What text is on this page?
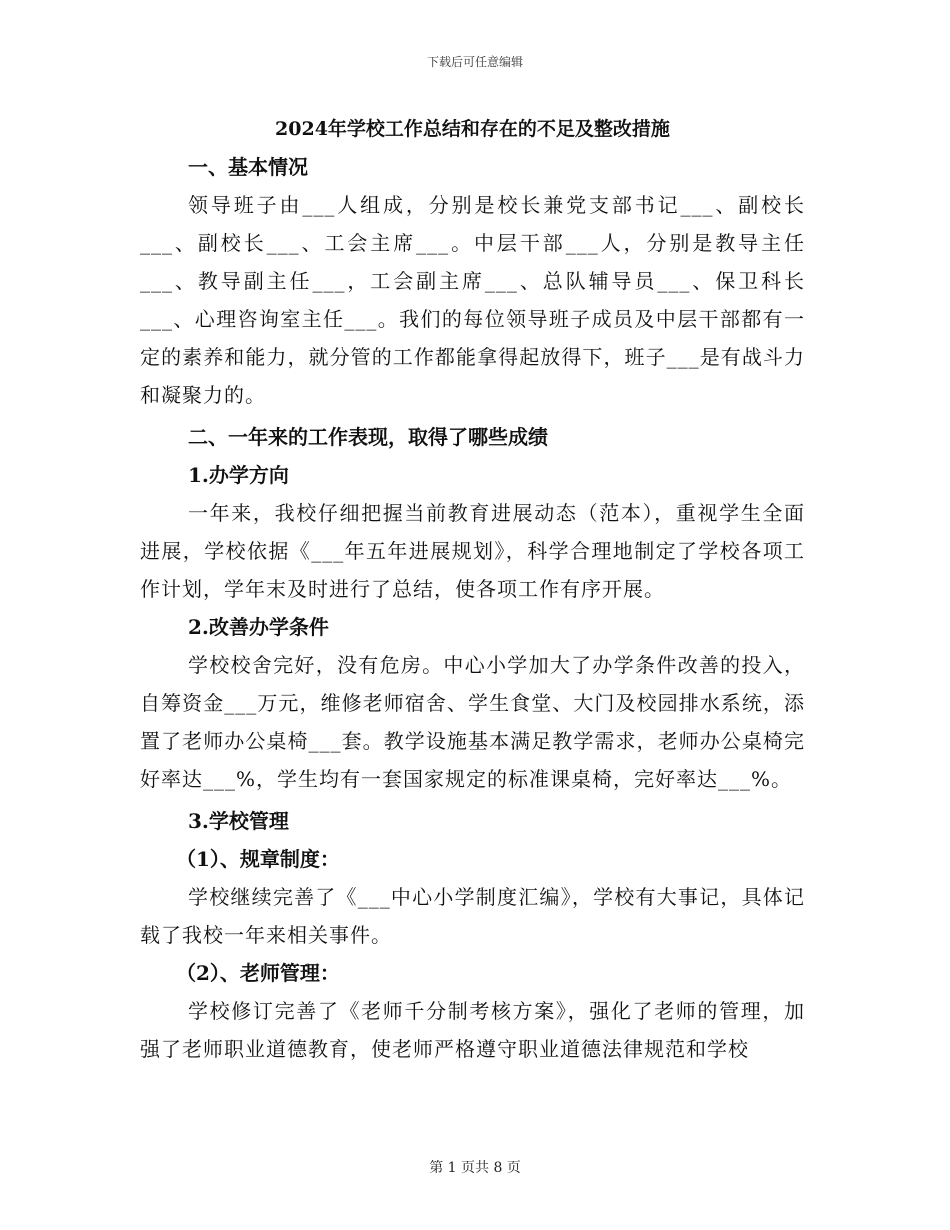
下载后可任意编辑
2024年学校工作总结和存在的不足及整改措施
一、基本情况
领导班子由___人组成，分别是校长兼党支部书记___、副校长___、副校长___、工会主席___。中层干部___人，分别是教导主任___、教导副主任___，工会副主席___、总队辅导员___、保卫科长___、心理咨询室主任___。我们的每位领导班子成员及中层干部都有一定的素养和能力，就分管的工作都能拿得起放得下，班子___是有战斗力和凝聚力的。
二、一年来的工作表现，取得了哪些成绩
1.办学方向
一年来，我校仔细把握当前教育进展动态（范本），重视学生全面进展，学校依据《___年五年进展规划》，科学合理地制定了学校各项工作计划，学年末及时进行了总结，使各项工作有序开展。
2.改善办学条件
学校校舍完好，没有危房。中心小学加大了办学条件改善的投入，自筹资金___万元，维修老师宿舍、学生食堂、大门及校园排水系统，添置了老师办公桌椅___套。教学设施基本满足教学需求，老师办公桌椅完好率达___%，学生均有一套国家规定的标准课桌椅，完好率达___%。
3.学校管理
（1）、规章制度：
学校继续完善了《___中心小学制度汇编》，学校有大事记，具体记载了我校一年来相关事件。
（2）、老师管理：
学校修订完善了《老师千分制考核方案》，强化了老师的管理，加强了老师职业道德教育，使老师严格遵守职业道德法律规范和学校
第 1 页共 8 页
